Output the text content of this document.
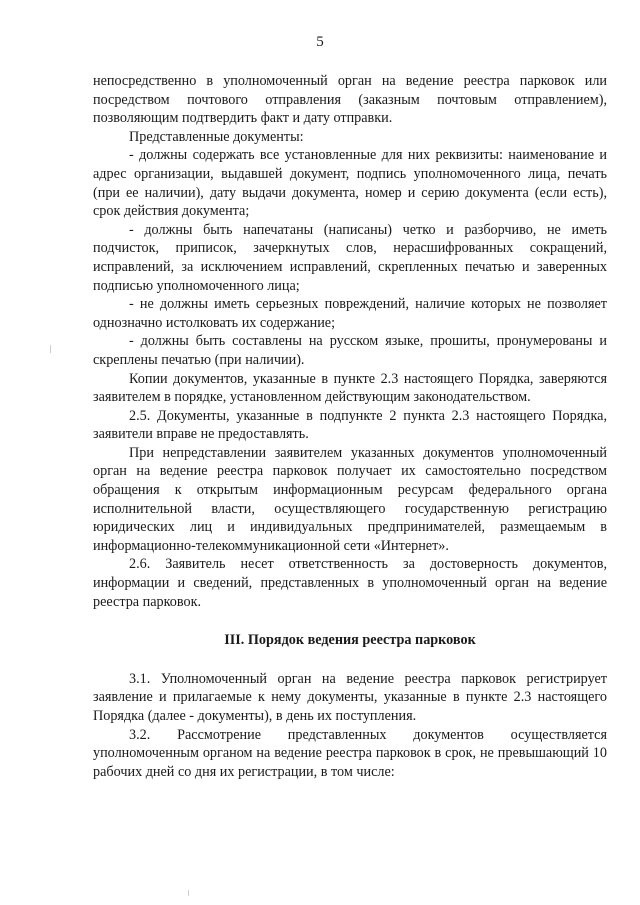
5

непосредственно в уполномоченный орган на ведение реестра парковок или посредством почтового отправления (заказным почтовым отправлением), позволяющим подтвердить факт и дату отправки.

Представленные документы:

- должны содержать все установленные для них реквизиты: наименование и адрес организации, выдавшей документ, подпись уполномоченного лица, печать (при ее наличии), дату выдачи документа, номер и серию документа (если есть), срок действия документа;

- должны быть напечатаны (написаны) четко и разборчиво, не иметь подчисток, приписок, зачеркнутых слов, нерасшифрованных сокращений, исправлений, за исключением исправлений, скрепленных печатью и заверенных подписью уполномоченного лица;

- не должны иметь серьезных повреждений, наличие которых не позволяет однозначно истолковать их содержание;

- должны быть составлены на русском языке, прошиты, пронумерованы и скреплены печатью (при наличии).

Копии документов, указанные в пункте 2.3 настоящего Порядка, заверяются заявителем в порядке, установленном действующим законодательством.

2.5. Документы, указанные в подпункте 2 пункта 2.3 настоящего Порядка, заявители вправе не предоставлять.

При непредставлении заявителем указанных документов уполномоченный орган на ведение реестра парковок получает их самостоятельно посредством обращения к открытым информационным ресурсам федерального органа исполнительной власти, осуществляющего государственную регистрацию юридических лиц и индивидуальных предпринимателей, размещаемым в информационно-телекоммуникационной сети «Интернет».

2.6. Заявитель несет ответственность за достоверность документов, информации и сведений, представленных в уполномоченный орган на ведение реестра парковок.

III. Порядок ведения реестра парковок

3.1. Уполномоченный орган на ведение реестра парковок регистрирует заявление и прилагаемые к нему документы, указанные в пункте 2.3 настоящего Порядка (далее - документы), в день их поступления.

3.2. Рассмотрение представленных документов осуществляется уполномоченным органом на ведение реестра парковок в срок, не превышающий 10 рабочих дней со дня их регистрации, в том числе:
